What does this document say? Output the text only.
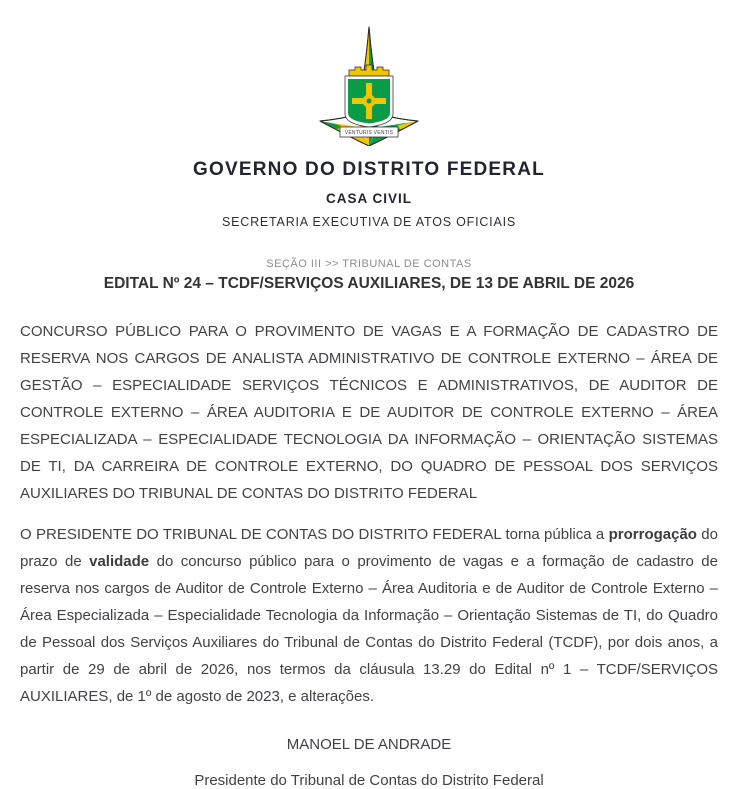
VENTURIS VENTIS
GOVERNO DO DISTRITO FEDERAL
CASA CIVIL
SECRETARIA EXECUTIVA DE ATOS OFICIAIS
SEÇÃO III >> TRIBUNAL DE CONTAS
EDITAL Nº 24 – TCDF/SERVIÇOS AUXILIARES, DE 13 DE ABRIL DE 2026

CONCURSO PÚBLICO PARA O PROVIMENTO DE VAGAS E A FORMAÇÃO DE CADASTRO DE RESERVA NOS CARGOS DE ANALISTA ADMINISTRATIVO DE CONTROLE EXTERNO – ÁREA DE GESTÃO – ESPECIALIDADE SERVIÇOS TÉCNICOS E ADMINISTRATIVOS, DE AUDITOR DE CONTROLE EXTERNO – ÁREA AUDITORIA E DE AUDITOR DE CONTROLE EXTERNO – ÁREA ESPECIALIZADA – ESPECIALIDADE TECNOLOGIA DA INFORMAÇÃO – ORIENTAÇÃO SISTEMAS DE TI, DA CARREIRA DE CONTROLE EXTERNO, DO QUADRO DE PESSOAL DOS SERVIÇOS AUXILIARES DO TRIBUNAL DE CONTAS DO DISTRITO FEDERAL

O PRESIDENTE DO TRIBUNAL DE CONTAS DO DISTRITO FEDERAL torna pública a prorrogação do prazo de validade do concurso público para o provimento de vagas e a formação de cadastro de reserva nos cargos de Auditor de Controle Externo – Área Auditoria e de Auditor de Controle Externo – Área Especializada – Especialidade Tecnologia da Informação – Orientação Sistemas de TI, do Quadro de Pessoal dos Serviços Auxiliares do Tribunal de Contas do Distrito Federal (TCDF), por dois anos, a partir de 29 de abril de 2026, nos termos da cláusula 13.29 do Edital nº 1 – TCDF/SERVIÇOS AUXILIARES, de 1º de agosto de 2023, e alterações.

MANOEL DE ANDRADE
Presidente do Tribunal de Contas do Distrito Federal
